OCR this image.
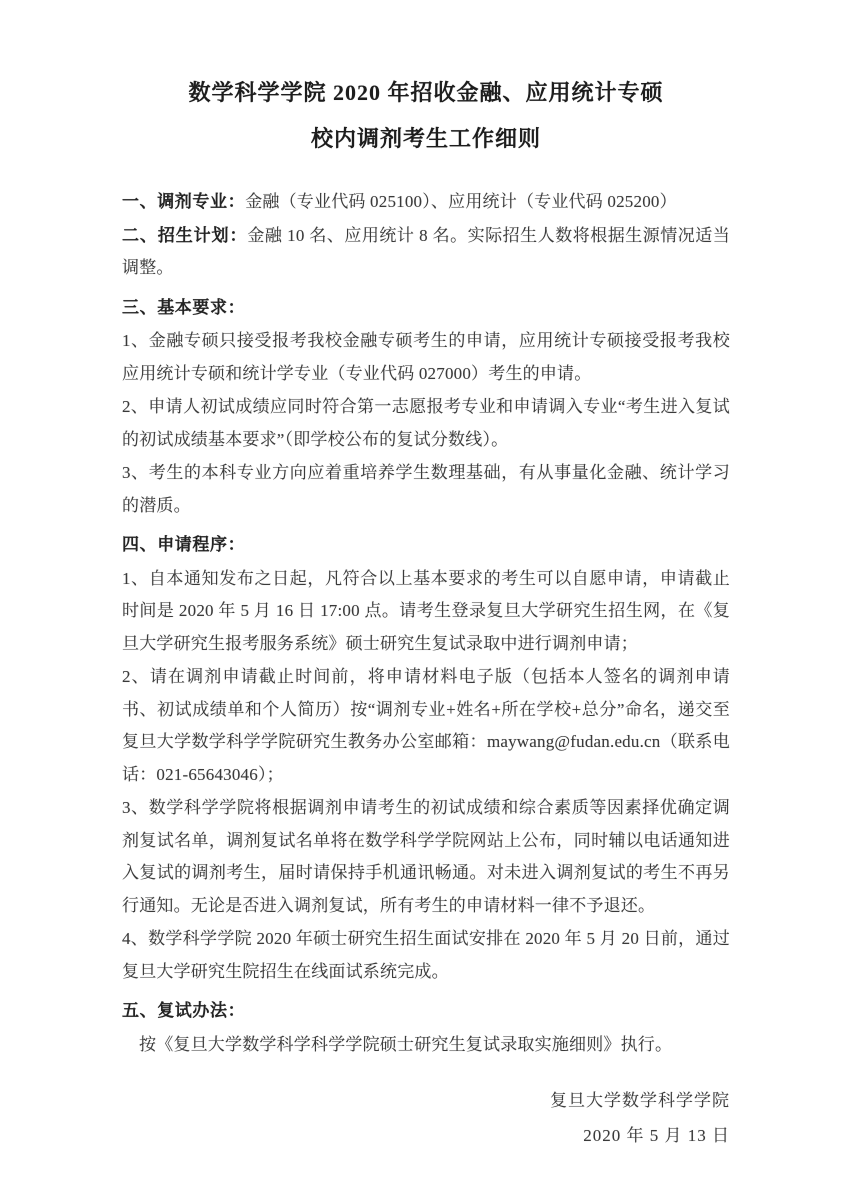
数学科学学院 2020 年招收金融、应用统计专硕
校内调剂考生工作细则

一、调剂专业：金融（专业代码 025100）、应用统计（专业代码 025200）

二、招生计划：金融 10 名、应用统计 8 名。实际招生人数将根据生源情况适当调整。

三、基本要求：

1、金融专硕只接受报考我校金融专硕考生的申请，应用统计专硕接受报考我校应用统计专硕和统计学专业（专业代码 027000）考生的申请。

2、申请人初试成绩应同时符合第一志愿报考专业和申请调入专业“考生进入复试的初试成绩基本要求”（即学校公布的复试分数线）。

3、考生的本科专业方向应着重培养学生数理基础，有从事量化金融、统计学习的潜质。

四、申请程序：

1、自本通知发布之日起，凡符合以上基本要求的考生可以自愿申请，申请截止时间是 2020 年 5 月 16 日 17:00 点。请考生登录复旦大学研究生招生网，在《复旦大学研究生报考服务系统》硕士研究生复试录取中进行调剂申请；

2、请在调剂申请截止时间前，将申请材料电子版（包括本人签名的调剂申请书、初试成绩单和个人简历）按“调剂专业+姓名+所在学校+总分”命名，递交至复旦大学数学科学学院研究生教务办公室邮箱：maywang@fudan.edu.cn（联系电话：021-65643046）；

3、数学科学学院将根据调剂申请考生的初试成绩和综合素质等因素择优确定调剂复试名单，调剂复试名单将在数学科学学院网站上公布，同时辅以电话通知进入复试的调剂考生，届时请保持手机通讯畅通。对未进入调剂复试的考生不再另行通知。无论是否进入调剂复试，所有考生的申请材料一律不予退还。

4、数学科学学院 2020 年硕士研究生招生面试安排在 2020 年 5 月 20 日前，通过复旦大学研究生院招生在线面试系统完成。

五、复试办法：

按《复旦大学数学科学科学学院硕士研究生复试录取实施细则》执行。

复旦大学数学科学学院

2020 年 5 月 13 日
